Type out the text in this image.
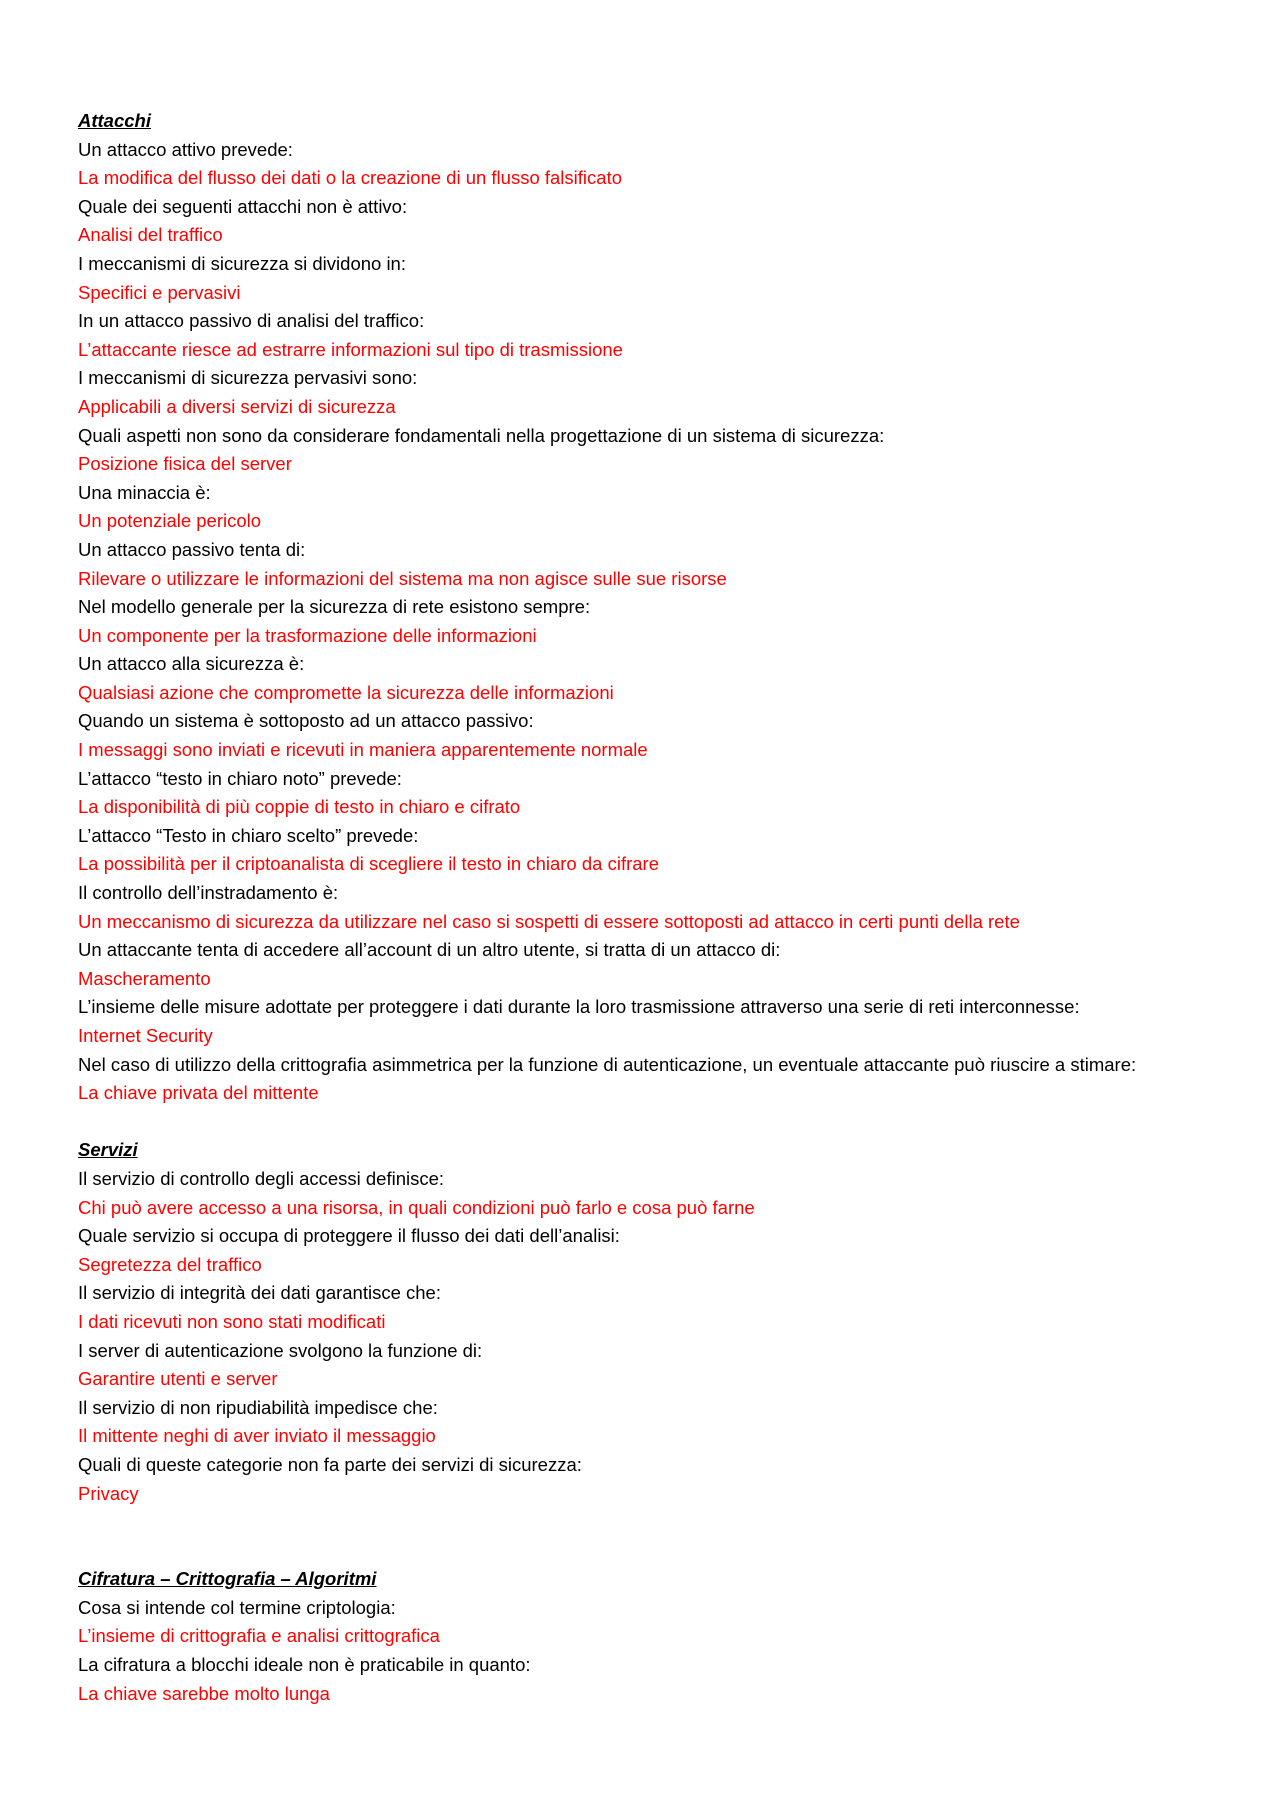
Attacchi
Un attacco attivo prevede:
La modifica del flusso dei dati o la creazione di un flusso falsificato
Quale dei seguenti attacchi non è attivo:
Analisi del traffico
I meccanismi di sicurezza si dividono in:
Specifici e pervasivi
In un attacco passivo di analisi del traffico:
L’attaccante riesce ad estrarre informazioni sul tipo di trasmissione
I meccanismi di sicurezza pervasivi sono:
Applicabili a diversi servizi di sicurezza
Quali aspetti non sono da considerare fondamentali nella progettazione di un sistema di sicurezza:
Posizione fisica del server
Una minaccia è:
Un potenziale pericolo
Un attacco passivo tenta di:
Rilevare o utilizzare le informazioni del sistema ma non agisce sulle sue risorse
Nel modello generale per la sicurezza di rete esistono sempre:
Un componente per la trasformazione delle informazioni
Un attacco alla sicurezza è:
Qualsiasi azione che compromette la sicurezza delle informazioni
Quando un sistema è sottoposto ad un attacco passivo:
I messaggi sono inviati e ricevuti in maniera apparentemente normale
L’attacco “testo in chiaro noto” prevede:
La disponibilità di più coppie di testo in chiaro e cifrato
L’attacco “Testo in chiaro scelto” prevede:
La possibilità per il criptoanalista di scegliere il testo in chiaro da cifrare
Il controllo dell’instradamento è:
Un meccanismo di sicurezza da utilizzare nel caso si sospetti di essere sottoposti ad attacco in certi punti della rete
Un attaccante tenta di accedere all’account di un altro utente, si tratta di un attacco di:
Mascheramento
L’insieme delle misure adottate per proteggere i dati durante la loro trasmissione attraverso una serie di reti interconnesse:
Internet Security
Nel caso di utilizzo della crittografia asimmetrica per la funzione di autenticazione, un eventuale attaccante può riuscire a stimare:
La chiave privata del mittente
Servizi
Il servizio di controllo degli accessi definisce:
Chi può avere accesso a una risorsa, in quali condizioni può farlo e cosa può farne
Quale servizio si occupa di proteggere il flusso dei dati dell’analisi:
Segretezza del traffico
Il servizio di integrità dei dati garantisce che:
I dati ricevuti non sono stati modificati
I server di autenticazione svolgono la funzione di:
Garantire utenti e server
Il servizio di non ripudiabilità impedisce che:
Il mittente neghi di aver inviato il messaggio
Quali di queste categorie non fa parte dei servizi di sicurezza:
Privacy
Cifratura – Crittografia – Algoritmi
Cosa si intende col termine criptologia:
L’insieme di crittografia e analisi crittografica
La cifratura a blocchi ideale non è praticabile in quanto:
La chiave sarebbe molto lunga
